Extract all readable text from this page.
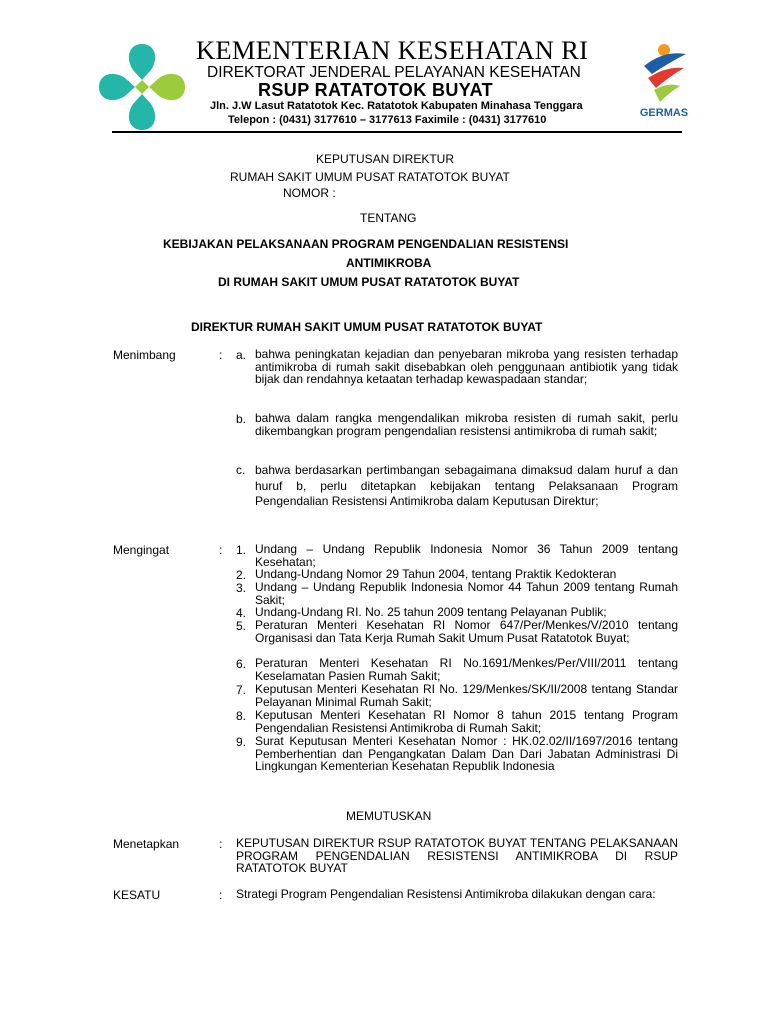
KEMENTERIAN KESEHATAN RI
DIREKTORAT JENDERAL PELAYANAN KESEHATAN
RSUP RATATOTOK BUYAT
Jln. J.W Lasut Ratatotok Kec. Ratatotok Kabupaten Minahasa Tenggara
Telepon : (0431) 3177610 – 3177613 Faximile : (0431) 3177610
GERMAS
KEPUTUSAN DIREKTUR
RUMAH SAKIT UMUM PUSAT RATATOTOK BUYAT
NOMOR :
TENTANG
KEBIJAKAN PELAKSANAAN PROGRAM PENGENDALIAN RESISTENSI
ANTIMIKROBA
DI RUMAH SAKIT UMUM PUSAT RATATOTOK BUYAT
DIREKTUR RUMAH SAKIT UMUM PUSAT RATATOTOK BUYAT
Menimbang	: a. bahwa peningkatan kejadian dan penyebaran mikroba yang resisten terhadap antimikroba di rumah sakit disebabkan oleh penggunaan antibiotik yang tidak bijak dan rendahnya ketaatan terhadap kewaspadaan standar;
b. bahwa dalam rangka mengendalikan mikroba resisten di rumah sakit, perlu dikembangkan program pengendalian resistensi antimikroba di rumah sakit;
c. bahwa berdasarkan pertimbangan sebagaimana dimaksud dalam huruf a dan huruf b, perlu ditetapkan kebijakan tentang Pelaksanaan Program Pengendalian Resistensi Antimikroba dalam Keputusan Direktur;
Mengingat	: 1. Undang – Undang Republik Indonesia Nomor 36 Tahun 2009 tentang Kesehatan;
2. Undang-Undang Nomor 29 Tahun 2004, tentang Praktik Kedokteran
3. Undang – Undang Republik Indonesia Nomor 44 Tahun 2009 tentang Rumah Sakit;
4. Undang-Undang RI. No. 25 tahun 2009 tentang Pelayanan Publik;
5. Peraturan Menteri Kesehatan RI Nomor 647/Per/Menkes/V/2010 tentang Organisasi dan Tata Kerja Rumah Sakit Umum Pusat Ratatotok Buyat;
6. Peraturan Menteri Kesehatan RI No.1691/Menkes/Per/VIII/2011 tentang Keselamatan Pasien Rumah Sakit;
7. Keputusan Menteri Kesehatan RI No. 129/Menkes/SK/II/2008 tentang Standar Pelayanan Minimal Rumah Sakit;
8. Keputusan Menteri Kesehatan RI Nomor 8 tahun 2015 tentang Program Pengendalian Resistensi Antimikroba di Rumah Sakit;
9. Surat Keputusan Menteri Kesehatan Nomor : HK.02.02/II/1697/2016 tentang Pemberhentian dan Pengangkatan Dalam Dan Dari Jabatan Administrasi Di Lingkungan Kementerian Kesehatan Republik Indonesia
MEMUTUSKAN
Menetapkan	: KEPUTUSAN DIREKTUR RSUP RATATOTOK BUYAT TENTANG PELAKSANAAN PROGRAM PENGENDALIAN RESISTENSI ANTIMIKROBA DI RSUP RATATOTOK BUYAT
KESATU	: Strategi Program Pengendalian Resistensi Antimikroba dilakukan dengan cara:
